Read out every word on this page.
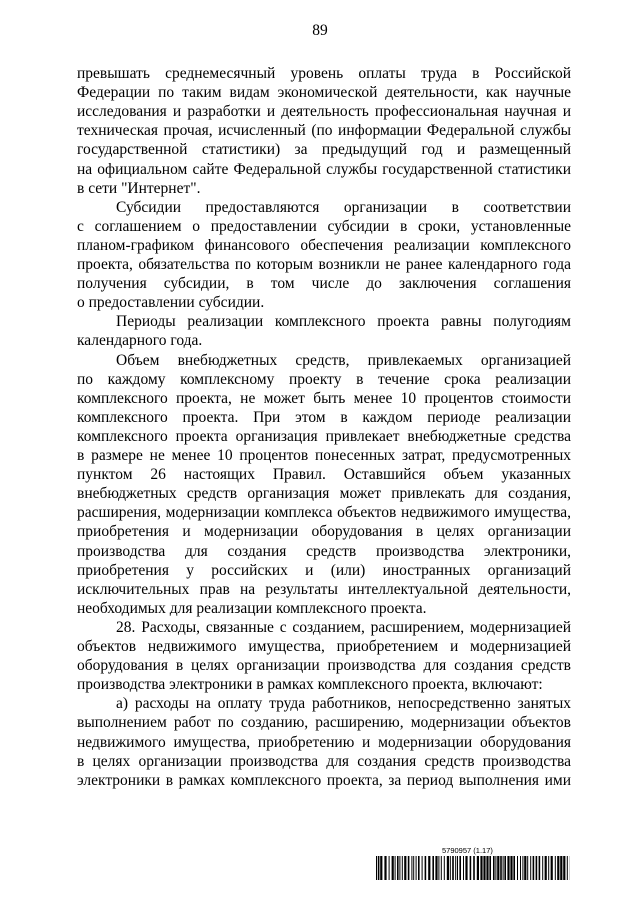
89
превышать среднемесячный уровень оплаты труда в Российской
Федерации по таким видам экономической деятельности, как научные
исследования и разработки и деятельность профессиональная научная и
техническая прочая, исчисленный (по информации Федеральной службы
государственной статистики) за предыдущий год и размещенный
на официальном сайте Федеральной службы государственной статистики
в сети "Интернет".
Субсидии предоставляются организации в соответствии
с соглашением о предоставлении субсидии в сроки, установленные
планом-графиком финансового обеспечения реализации комплексного
проекта, обязательства по которым возникли не ранее календарного года
получения субсидии, в том числе до заключения соглашения
о предоставлении субсидии.
Периоды реализации комплексного проекта равны полугодиям
календарного года.
Объем внебюджетных средств, привлекаемых организацией
по каждому комплексному проекту в течение срока реализации
комплексного проекта, не может быть менее 10 процентов стоимости
комплексного проекта. При этом в каждом периоде реализации
комплексного проекта организация привлекает внебюджетные средства
в размере не менее 10 процентов понесенных затрат, предусмотренных
пунктом 26 настоящих Правил. Оставшийся объем указанных
внебюджетных средств организация может привлекать для создания,
расширения, модернизации комплекса объектов недвижимого имущества,
приобретения и модернизации оборудования в целях организации
производства для создания средств производства электроники,
приобретения у российских и (или) иностранных организаций
исключительных прав на результаты интеллектуальной деятельности,
необходимых для реализации комплексного проекта.
28. Расходы, связанные с созданием, расширением, модернизацией
объектов недвижимого имущества, приобретением и модернизацией
оборудования в целях организации производства для создания средств
производства электроники в рамках комплексного проекта, включают:
а) расходы на оплату труда работников, непосредственно занятых
выполнением работ по созданию, расширению, модернизации объектов
недвижимого имущества, приобретению и модернизации оборудования
в целях организации производства для создания средств производства
электроники в рамках комплексного проекта, за период выполнения ими
5790957 (1.17)
